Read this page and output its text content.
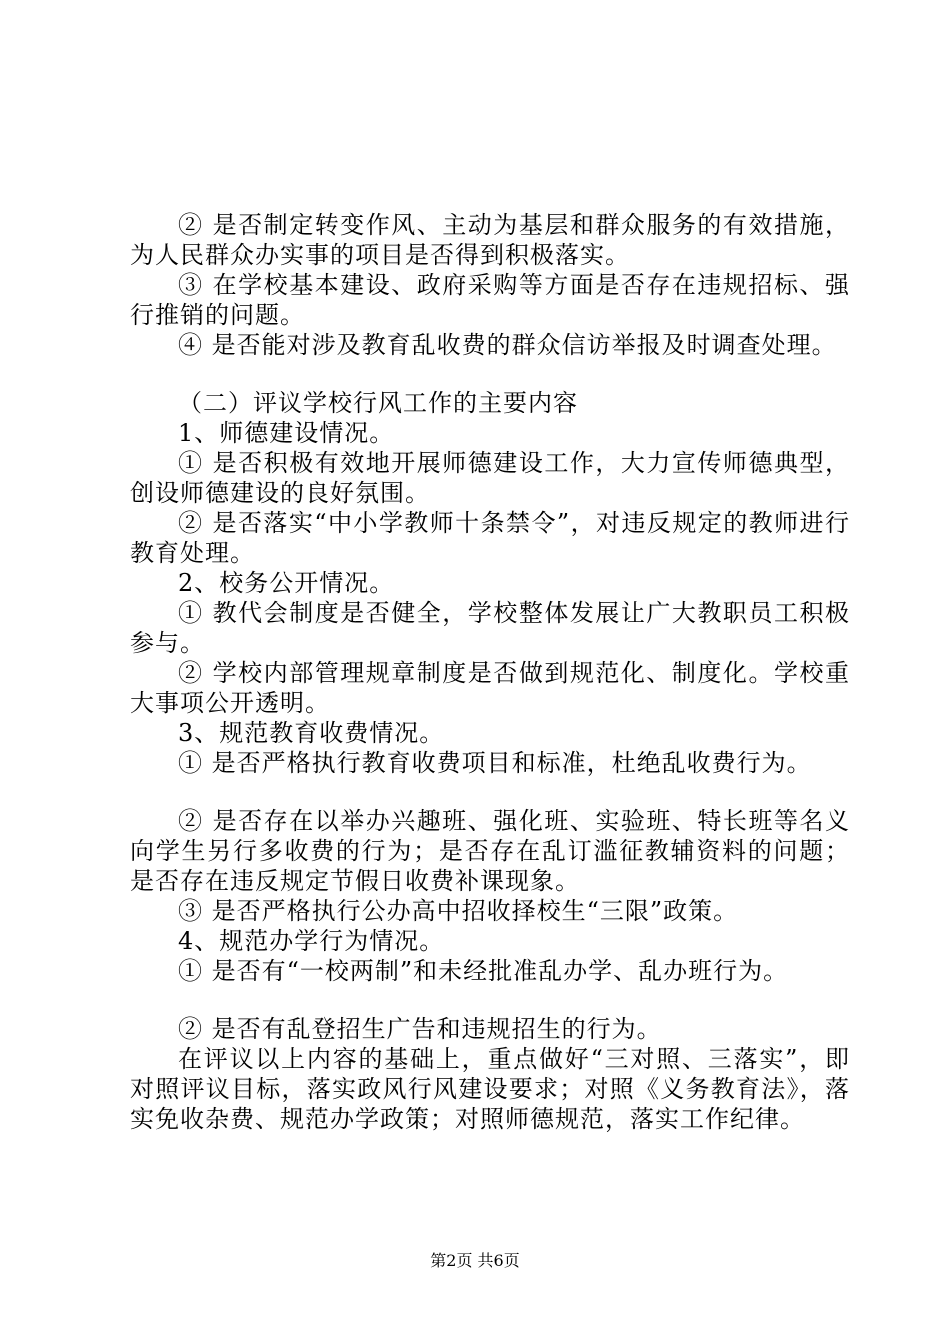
② 是否制定转变作风、主动为基层和群众服务的有效措施，为人民群众办实事的项目是否得到积极落实。

③ 在学校基本建设、政府采购等方面是否存在违规招标、强行推销的问题。

④ 是否能对涉及教育乱收费的群众信访举报及时调查处理。

（二）评议学校行风工作的主要内容

1、师德建设情况。

① 是否积极有效地开展师德建设工作，大力宣传师德典型，创设师德建设的良好氛围。

② 是否落实“中小学教师十条禁令”，对违反规定的教师进行教育处理。

2、校务公开情况。

① 教代会制度是否健全，学校整体发展让广大教职员工积极参与。

② 学校内部管理规章制度是否做到规范化、制度化。学校重大事项公开透明。

3、规范教育收费情况。

① 是否严格执行教育收费项目和标准，杜绝乱收费行为。

② 是否存在以举办兴趣班、强化班、实验班、特长班等名义向学生另行多收费的行为；是否存在乱订滥征教辅资料的问题；是否存在违反规定节假日收费补课现象。

③ 是否严格执行公办高中招收择校生“三限”政策。

4、规范办学行为情况。

① 是否有“一校两制”和未经批准乱办学、乱办班行为。

② 是否有乱登招生广告和违规招生的行为。

在评议以上内容的基础上，重点做好“三对照、三落实”，即对照评议目标，落实政风行风建设要求；对照《义务教育法》，落实免收杂费、规范办学政策；对照师德规范，落实工作纪律。

第2页 共6页
